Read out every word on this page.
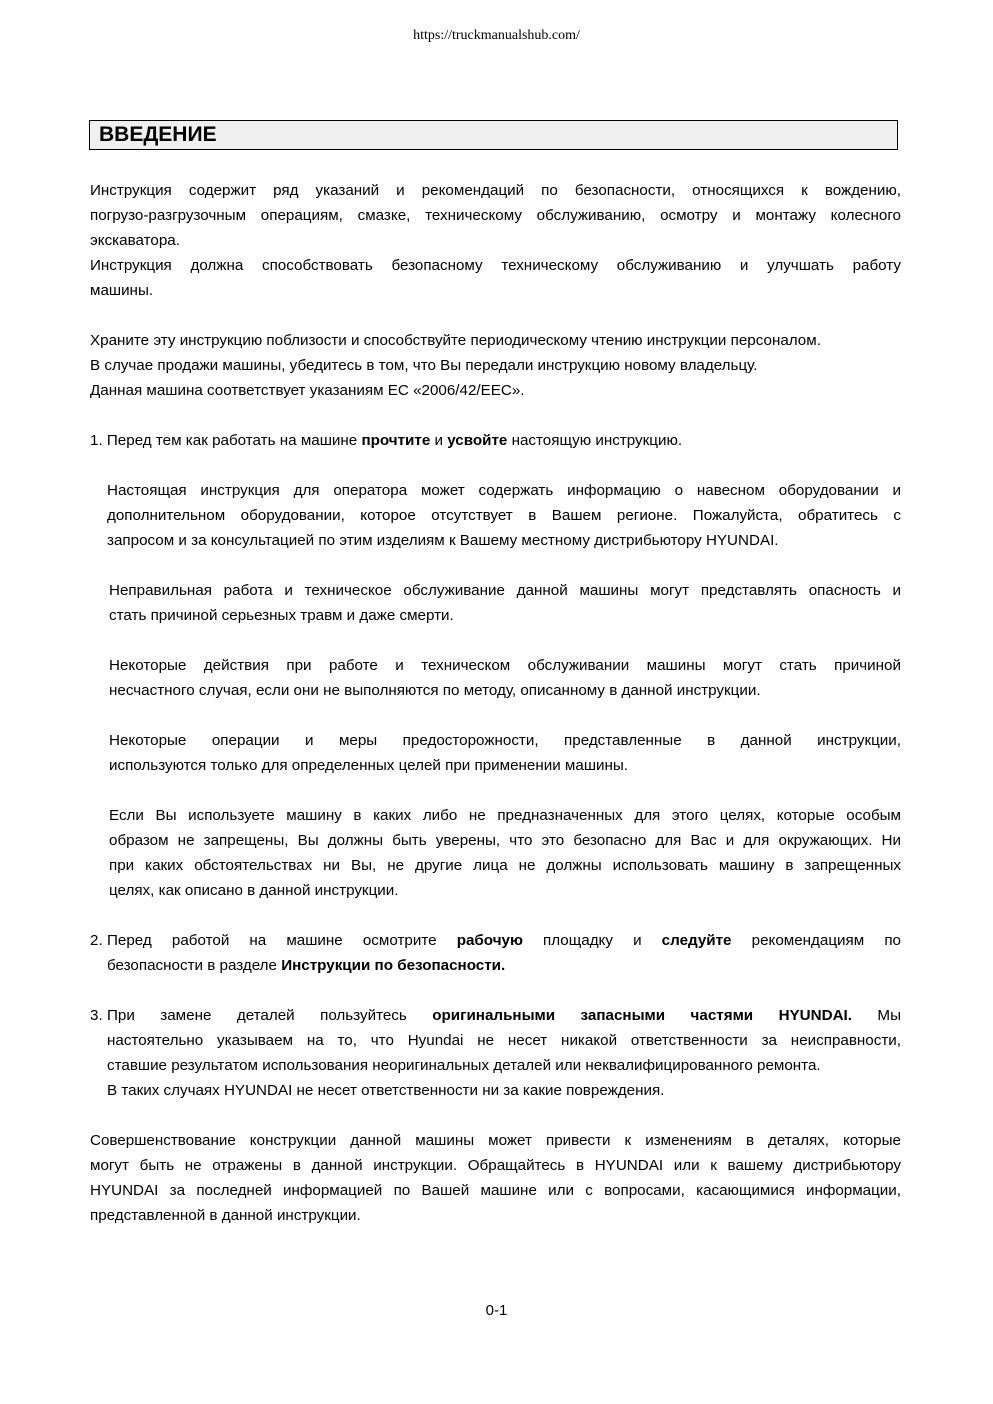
https://truckmanualshub.com/
ВВЕДЕНИЕ

Инструкция содержит ряд указаний и рекомендаций по безопасности, относящихся к вождению,

погрузо-разгрузочным операциям, смазке, техническому обслуживанию, осмотру и монтажу колесного

экскаватора.

Инструкция должна способствовать безопасному техническому обслуживанию и улучшать работу

машины.

Храните эту инструкцию поблизости и способствуйте периодическому чтению инструкции персоналом.

В случае продажи машины, убедитесь в том, что Вы передали инструкцию новому владельцу.

Данная машина соответствует указаниям ЕС «2006/42/EEC».

1. Перед тем как работать на машине прочтите и усвойте настоящую инструкцию.

Настоящая инструкция для оператора может содержать информацию о навесном оборудовании и

дополнительном оборудовании, которое отсутствует в Вашем регионе. Пожалуйста, обратитесь с

запросом и за консультацией по этим изделиям к Вашему местному дистрибьютору HYUNDAI.

Неправильная работа и техническое обслуживание данной машины могут представлять опасность и

стать причиной серьезных травм и даже смерти.

Некоторые действия при работе и техническом обслуживании машины могут стать причиной

несчастного случая, если они не выполняются по методу, описанному в данной инструкции.

Некоторые операции и меры предосторожности, представленные в данной инструкции,

используются только для определенных целей при применении машины.

Если Вы используете машину в каких либо не предназначенных для этого целях, которые особым

образом не запрещены, Вы должны быть уверены, что это безопасно для Вас и для окружающих. Ни

при каких обстоятельствах ни Вы, не другие лица не должны использовать машину в запрещенных

целях, как описано в данной инструкции.

2. Перед работой на машине осмотрите рабочую площадку и следуйте рекомендациям по

безопасности в разделе Инструкции по безопасности.

3. При замене деталей пользуйтесь оригинальными запасными частями HYUNDAI. Мы

настоятельно указываем на то, что Hyundai не несет никакой ответственности за неисправности,

ставшие результатом использования неоригинальных деталей или неквалифицированного ремонта.

В таких случаях HYUNDAI не несет ответственности ни за какие повреждения.

Совершенствование конструкции данной машины может привести к изменениям в деталях, которые

могут быть не отражены в данной инструкции. Обращайтесь в HYUNDAI или к вашему дистрибьютору

HYUNDAI за последней информацией по Вашей машине или с вопросами, касающимися информации,

представленной в данной инструкции.

0-1
